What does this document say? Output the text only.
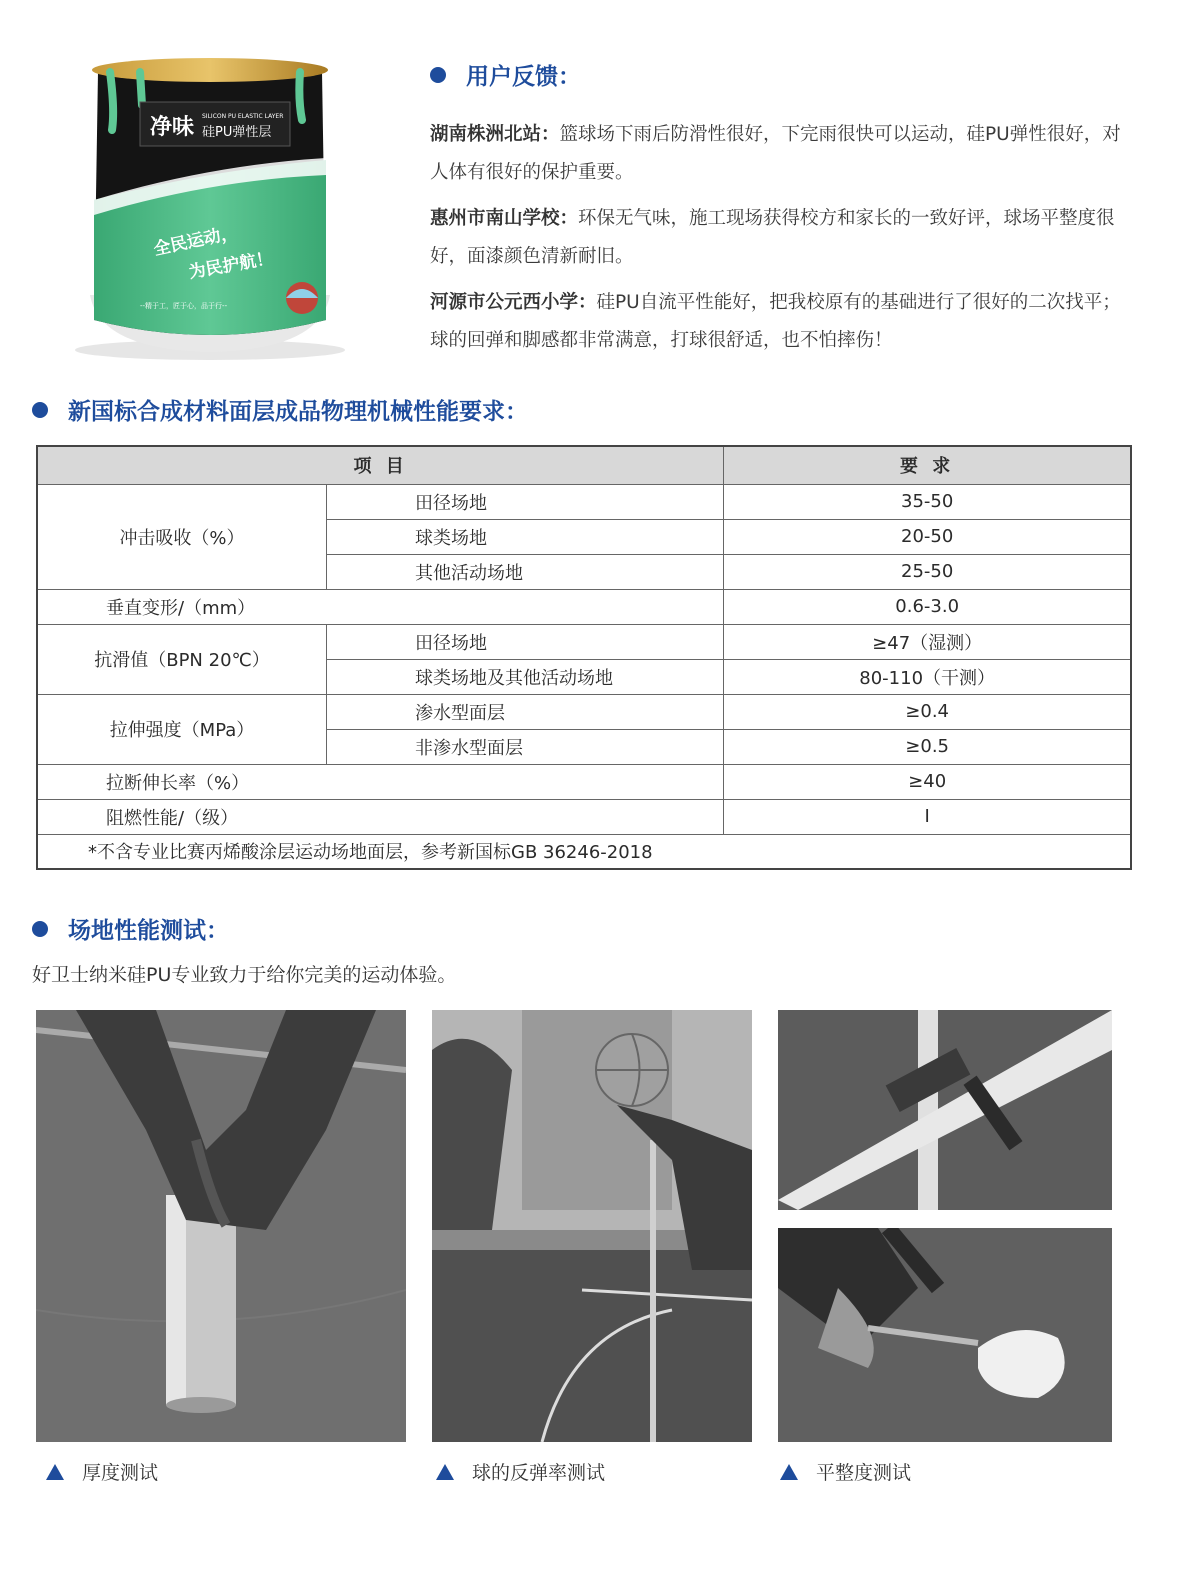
净味 SILICON PU ELASTIC LAYER
硅PU弹性层
全民运动，
为民护航！
--精于工，匠于心，品于行--
用户反馈：
湖南株洲北站：篮球场下雨后防滑性很好，下完雨很快可以运动，硅PU弹性很好，对人体有很好的保护重要。
惠州市南山学校：环保无气味，施工现场获得校方和家长的一致好评，球场平整度很好，面漆颜色清新耐旧。
河源市公元西小学：硅PU自流平性能好，把我校原有的基础进行了很好的二次找平；球的回弹和脚感都非常满意，打球很舒适，也不怕摔伤！
新国标合成材料面层成品物理机械性能要求：
项 目		要 求
冲击吸收（%）	田径场地	35-50
	球类场地	20-50
	其他活动场地	25-50
垂直变形/（mm）		0.6-3.0
抗滑值（BPN 20℃）	田径场地	≥47（湿测）
	球类场地及其他活动场地	80-110（干测）
拉伸强度（MPa）	渗水型面层	≥0.4
	非渗水型面层	≥0.5
拉断伸长率（%）		≥40
阻燃性能/（级）		I
*不含专业比赛丙烯酸涂层运动场地面层，参考新国标GB 36246-2018		
场地性能测试：
好卫士纳米硅PU专业致力于给你完美的运动体验。
厚度测试	球的反弹率测试	平整度测试
